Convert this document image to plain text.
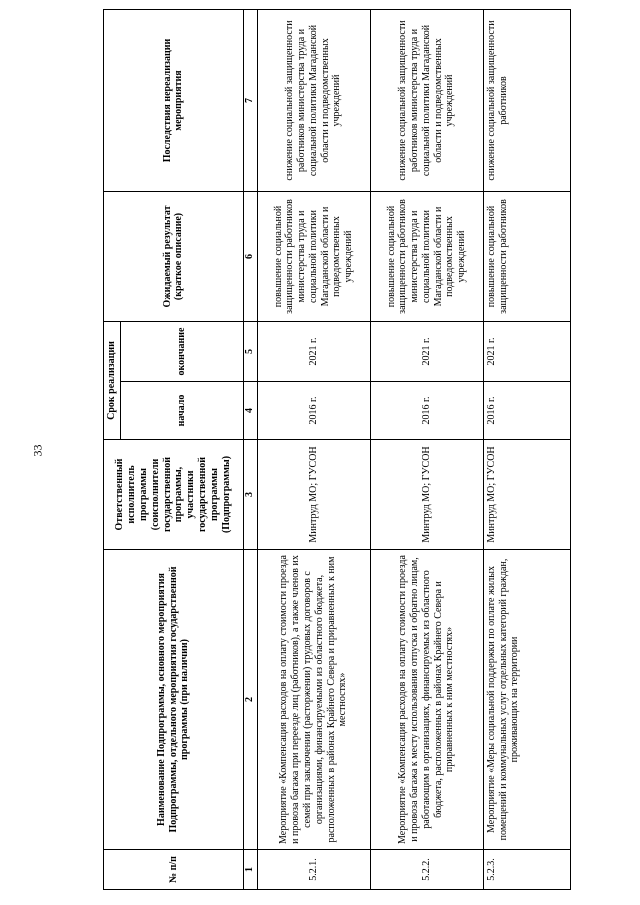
33
№ п/п	Наименование Подпрограммы, основного мероприятия Подпрограммы, отдельного мероприятия государственной программы (при наличии)	Ответственный исполнитель программы (соисполнители государственной программы, участники государственной программы (Подпрограммы)	Срок реализации		Ожидаемый результат (краткое описание)	Последствия нереализации мероприятия
			начало	окончание		
1	2	3	4	5	6	7
5.2.1.	Мероприятие «Компенсация расходов на оплату стоимости проезда и провоза багажа при переезде лиц (работников), а также членов их семей при заключении (расторжении) трудовых договоров с организациями, финансируемыми из областного бюджета, расположенных в районах Крайнего Севера и приравненных к ним местностях»	Минтруд МО; ГУСОН	2016 г.	2021 г.	повышение социальной защищенности работников министерства труда и социальной политики Магаданской области и подведомственных учреждений	снижение социальной защищенности работников министерства труда и социальной политики Магаданской области и подведомственных учреждений
5.2.2.	Мероприятие «Компенсация расходов на оплату стоимости проезда и провоза багажа к месту использования отпуска и обратно лицам, работающим в организациях, финансируемых из областного бюджета, расположенных в районах Крайнего Севера и приравненных к ним местностях»	Минтруд МО; ГУСОН	2016 г.	2021 г.	повышение социальной защищенности работников министерства труда и социальной политики Магаданской области и подведомственных учреждений	снижение социальной защищенности работников министерства труда и социальной политики Магаданской области и подведомственных учреждений
5.2.3.	Мероприятие «Меры социальной поддержки по оплате жилых помещений и коммунальных услуг отдельных категорий граждан, проживающих на территории	Минтруд МО; ГУСОН	2016 г.	2021 г.	повышение социальной защищенности работников	снижение социальной защищенности работников
